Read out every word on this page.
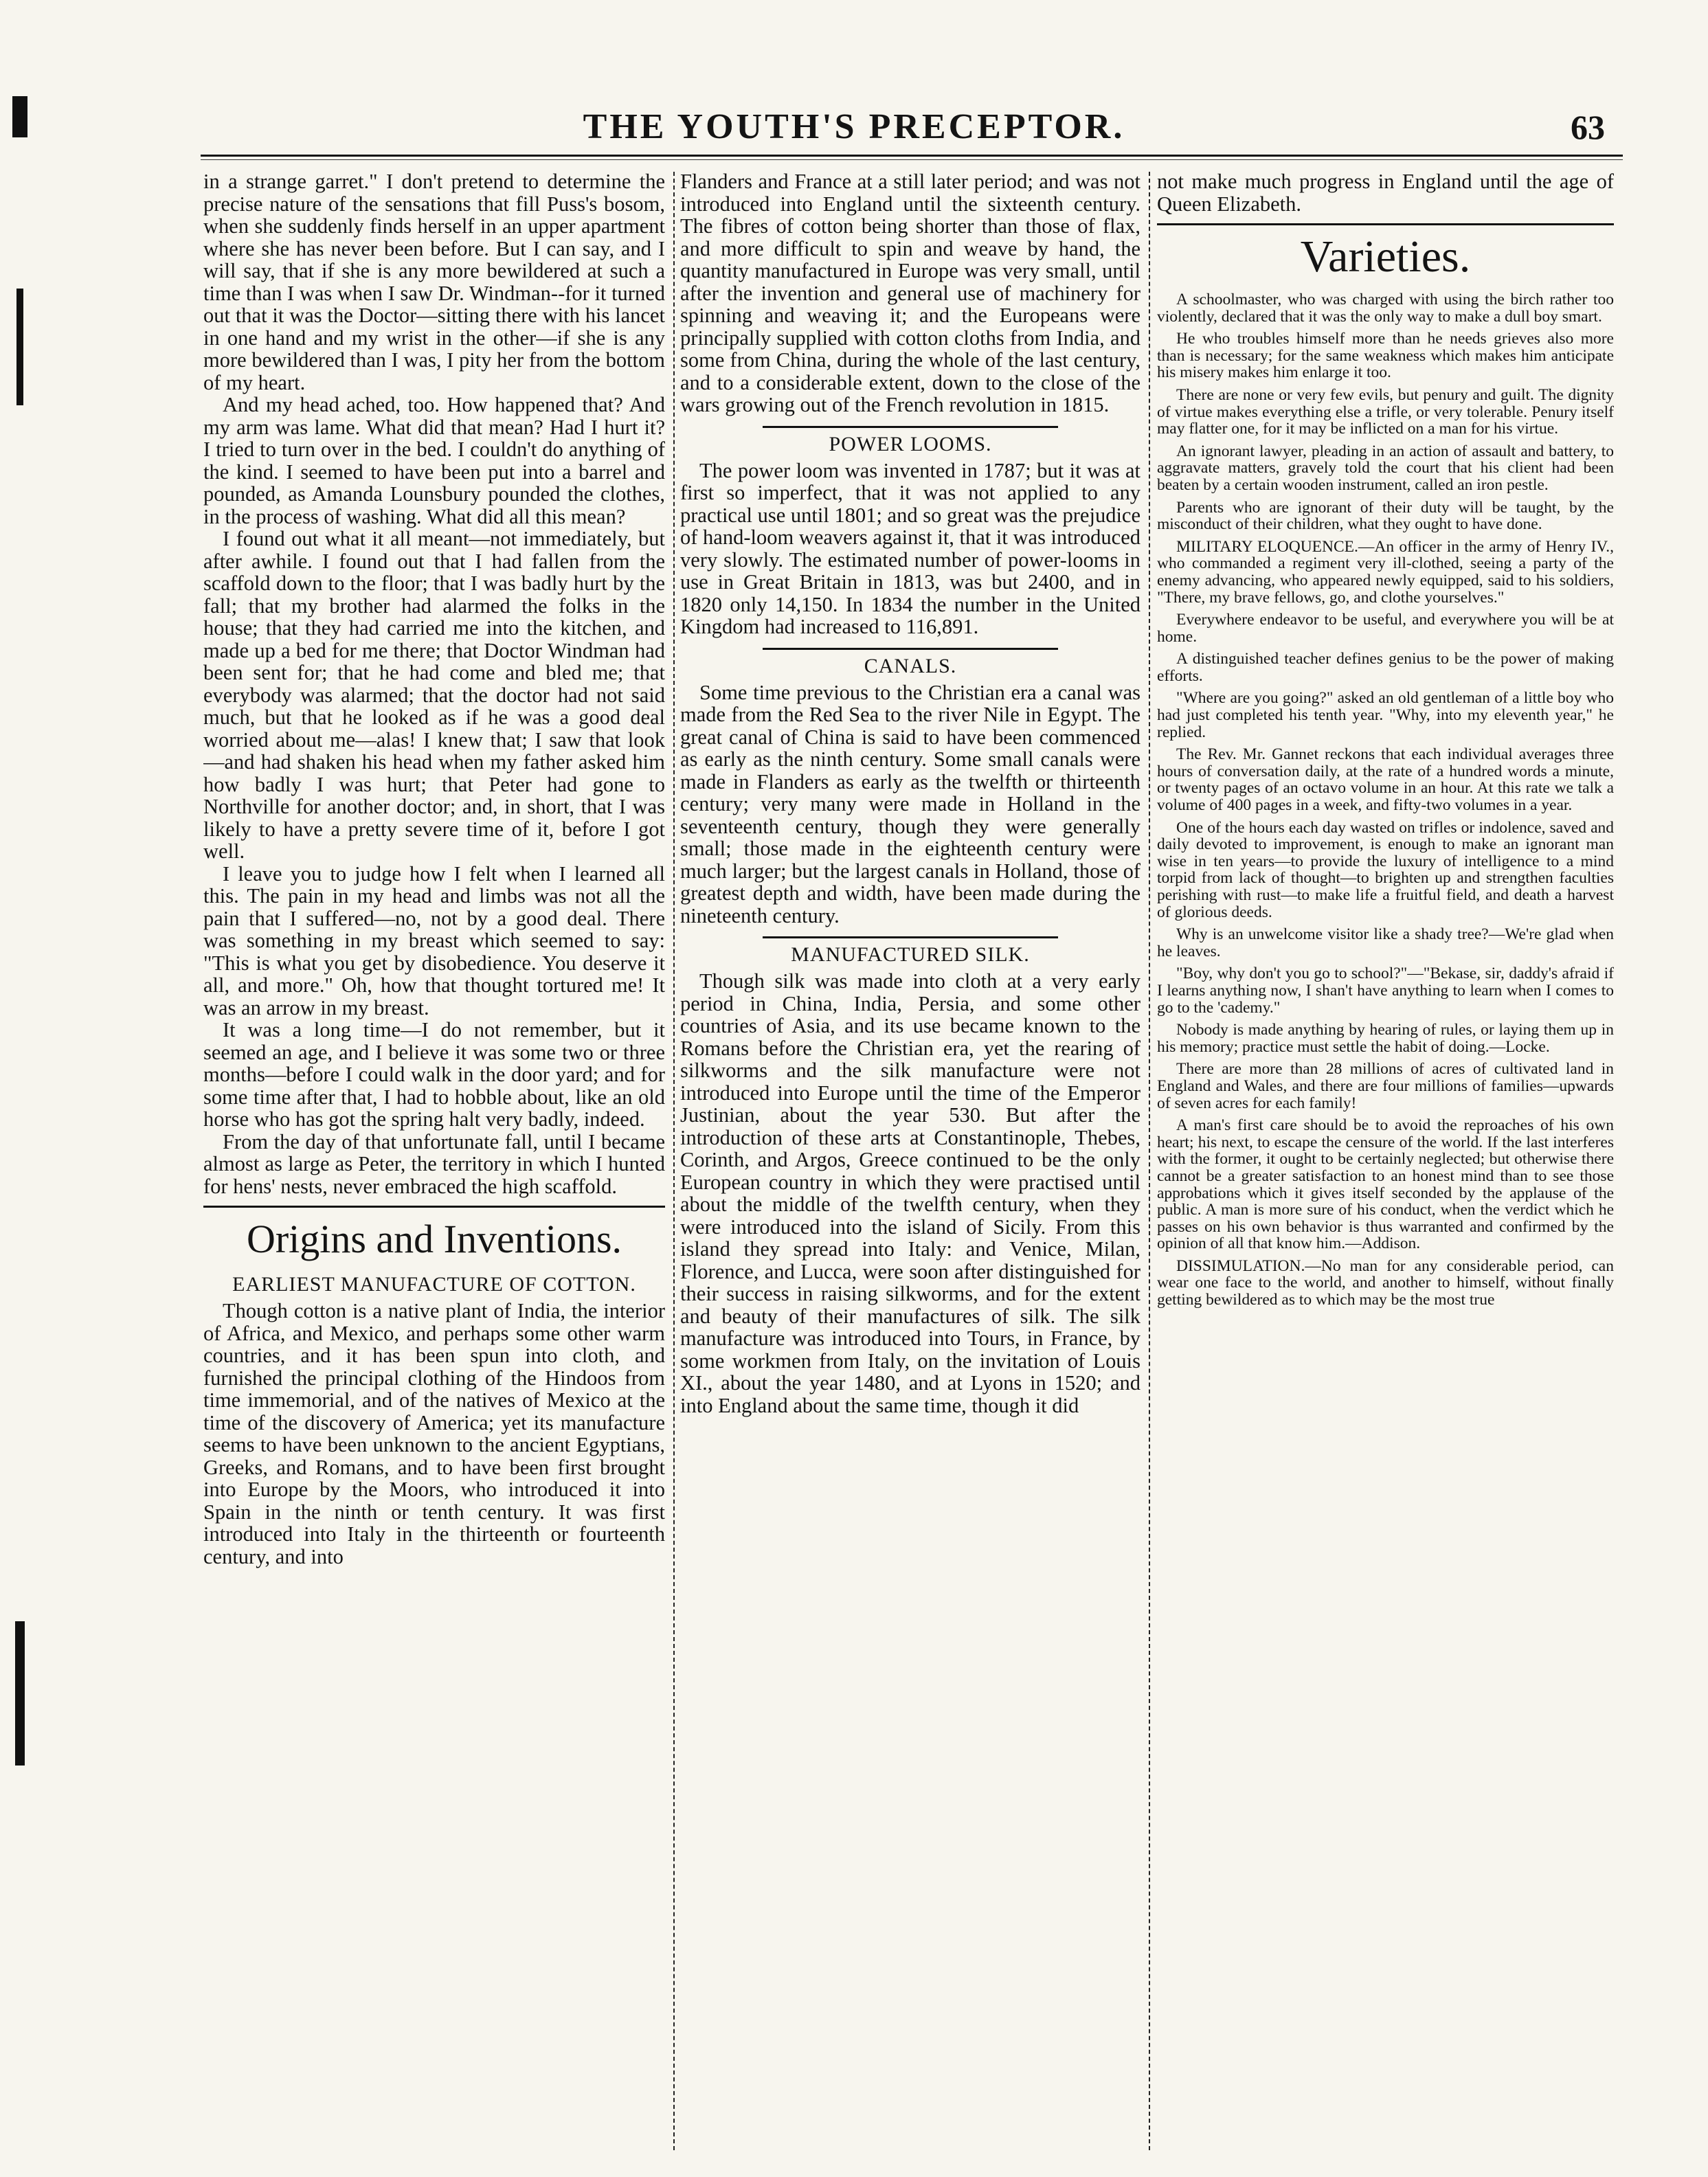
THE YOUTH'S PRECEPTOR.	63

in a strange garret." I don't pretend to determine the precise nature of the sensations that fill Puss's bosom, when she suddenly finds herself in an upper apartment where she has never been before. But I can say, and I will say, that if she is any more bewildered at such a time than I was when I saw Dr. Windman--for it turned out that it was the Doctor—sitting there with his lancet in one hand and my wrist in the other—if she is any more bewildered than I was, I pity her from the bottom of my heart.

And my head ached, too. How happened that? And my arm was lame. What did that mean? Had I hurt it? I tried to turn over in the bed. I couldn't do anything of the kind. I seemed to have been put into a barrel and pounded, as Amanda Lounsbury pounded the clothes, in the process of washing. What did all this mean?

I found out what it all meant—not immediately, but after awhile. I found out that I had fallen from the scaffold down to the floor; that I was badly hurt by the fall; that my brother had alarmed the folks in the house; that they had carried me into the kitchen, and made up a bed for me there; that Doctor Windman had been sent for; that he had come and bled me; that everybody was alarmed; that the doctor had not said much, but that he looked as if he was a good deal worried about me—alas! I knew that; I saw that look—and had shaken his head when my father asked him how badly I was hurt; that Peter had gone to Northville for another doctor; and, in short, that I was likely to have a pretty severe time of it, before I got well.

I leave you to judge how I felt when I learned all this. The pain in my head and limbs was not all the pain that I suffered—no, not by a good deal. There was something in my breast which seemed to say: "This is what you get by disobedience. You deserve it all, and more." Oh, how that thought tortured me! It was an arrow in my breast.

It was a long time—I do not remember, but it seemed an age, and I believe it was some two or three months—before I could walk in the door yard; and for some time after that, I had to hobble about, like an old horse who has got the spring halt very badly, indeed.

From the day of that unfortunate fall, until I became almost as large as Peter, the territory in which I hunted for hens' nests, never embraced the high scaffold.

Origins and Inventions.
EARLIEST MANUFACTURE OF COTTON.

Though cotton is a native plant of India, the interior of Africa, and Mexico, and perhaps some other warm countries, and it has been spun into cloth, and furnished the principal clothing of the Hindoos from time immemorial, and of the natives of Mexico at the time of the discovery of America; yet its manufacture seems to have been unknown to the ancient Egyptians, Greeks, and Romans, and to have been first brought into Europe by the Moors, who introduced it into Spain in the ninth or tenth century. It was first introduced into Italy in the thirteenth or fourteenth century, and into

Flanders and France at a still later period; and was not introduced into England until the sixteenth century. The fibres of cotton being shorter than those of flax, and more difficult to spin and weave by hand, the quantity manufactured in Europe was very small, until after the invention and general use of machinery for spinning and weaving it; and the Europeans were principally supplied with cotton cloths from India, and some from China, during the whole of the last century, and to a considerable extent, down to the close of the wars growing out of the French revolution in 1815.

POWER LOOMS.

The power loom was invented in 1787; but it was at first so imperfect, that it was not applied to any practical use until 1801; and so great was the prejudice of hand-loom weavers against it, that it was introduced very slowly. The estimated number of power-looms in use in Great Britain in 1813, was but 2400, and in 1820 only 14,150. In 1834 the number in the United Kingdom had increased to 116,891.

CANALS.

Some time previous to the Christian era a canal was made from the Red Sea to the river Nile in Egypt. The great canal of China is said to have been commenced as early as the ninth century. Some small canals were made in Flanders as early as the twelfth or thirteenth century; very many were made in Holland in the seventeenth century, though they were generally small; those made in the eighteenth century were much larger; but the largest canals in Holland, those of greatest depth and width, have been made during the nineteenth century.

MANUFACTURED SILK.

Though silk was made into cloth at a very early period in China, India, Persia, and some other countries of Asia, and its use became known to the Romans before the Christian era, yet the rearing of silkworms and the silk manufacture were not introduced into Europe until the time of the Emperor Justinian, about the year 530. But after the introduction of these arts at Constantinople, Thebes, Corinth, and Argos, Greece continued to be the only European country in which they were practised until about the middle of the twelfth century, when they were introduced into the island of Sicily. From this island they spread into Italy: and Venice, Milan, Florence, and Lucca, were soon after distinguished for their success in raising silkworms, and for the extent and beauty of their manufactures of silk. The silk manufacture was introduced into Tours, in France, by some workmen from Italy, on the invitation of Louis XI., about the year 1480, and at Lyons in 1520; and into England about the same time, though it did

not make much progress in England until the age of Queen Elizabeth.

Varieties.

A schoolmaster, who was charged with using the birch rather too violently, declared that it was the only way to make a dull boy smart.

He who troubles himself more than he needs grieves also more than is necessary; for the same weakness which makes him anticipate his misery makes him enlarge it too.

There are none or very few evils, but penury and guilt. The dignity of virtue makes everything else a trifle, or very tolerable. Penury itself may flatter one, for it may be inflicted on a man for his virtue.

An ignorant lawyer, pleading in an action of assault and battery, to aggravate matters, gravely told the court that his client had been beaten by a certain wooden instrument, called an iron pestle.

Parents who are ignorant of their duty will be taught, by the misconduct of their children, what they ought to have done.

MILITARY ELOQUENCE.—An officer in the army of Henry IV., who commanded a regiment very ill-clothed, seeing a party of the enemy advancing, who appeared newly equipped, said to his soldiers, "There, my brave fellows, go, and clothe yourselves."

Everywhere endeavor to be useful, and everywhere you will be at home.

A distinguished teacher defines genius to be the power of making efforts.

"Where are you going?" asked an old gentleman of a little boy who had just completed his tenth year. "Why, into my eleventh year," he replied.

The Rev. Mr. Gannet reckons that each individual averages three hours of conversation daily, at the rate of a hundred words a minute, or twenty pages of an octavo volume in an hour. At this rate we talk a volume of 400 pages in a week, and fifty-two volumes in a year.

One of the hours each day wasted on trifles or indolence, saved and daily devoted to improvement, is enough to make an ignorant man wise in ten years—to provide the luxury of intelligence to a mind torpid from lack of thought—to brighten up and strengthen faculties perishing with rust—to make life a fruitful field, and death a harvest of glorious deeds.

Why is an unwelcome visitor like a shady tree?—We're glad when he leaves.

"Boy, why don't you go to school?"—"Bekase, sir, daddy's afraid if I learns anything now, I shan't have anything to learn when I comes to go to the 'cademy."

Nobody is made anything by hearing of rules, or laying them up in his memory; practice must settle the habit of doing.—Locke.

There are more than 28 millions of acres of cultivated land in England and Wales, and there are four millions of families—upwards of seven acres for each family!

A man's first care should be to avoid the reproaches of his own heart; his next, to escape the censure of the world. If the last interferes with the former, it ought to be certainly neglected; but otherwise there cannot be a greater satisfaction to an honest mind than to see those approbations which it gives itself seconded by the applause of the public. A man is more sure of his conduct, when the verdict which he passes on his own behavior is thus warranted and confirmed by the opinion of all that know him.—Addison.

DISSIMULATION.—No man for any considerable period, can wear one face to the world, and another to himself, without finally getting bewildered as to which may be the most true
